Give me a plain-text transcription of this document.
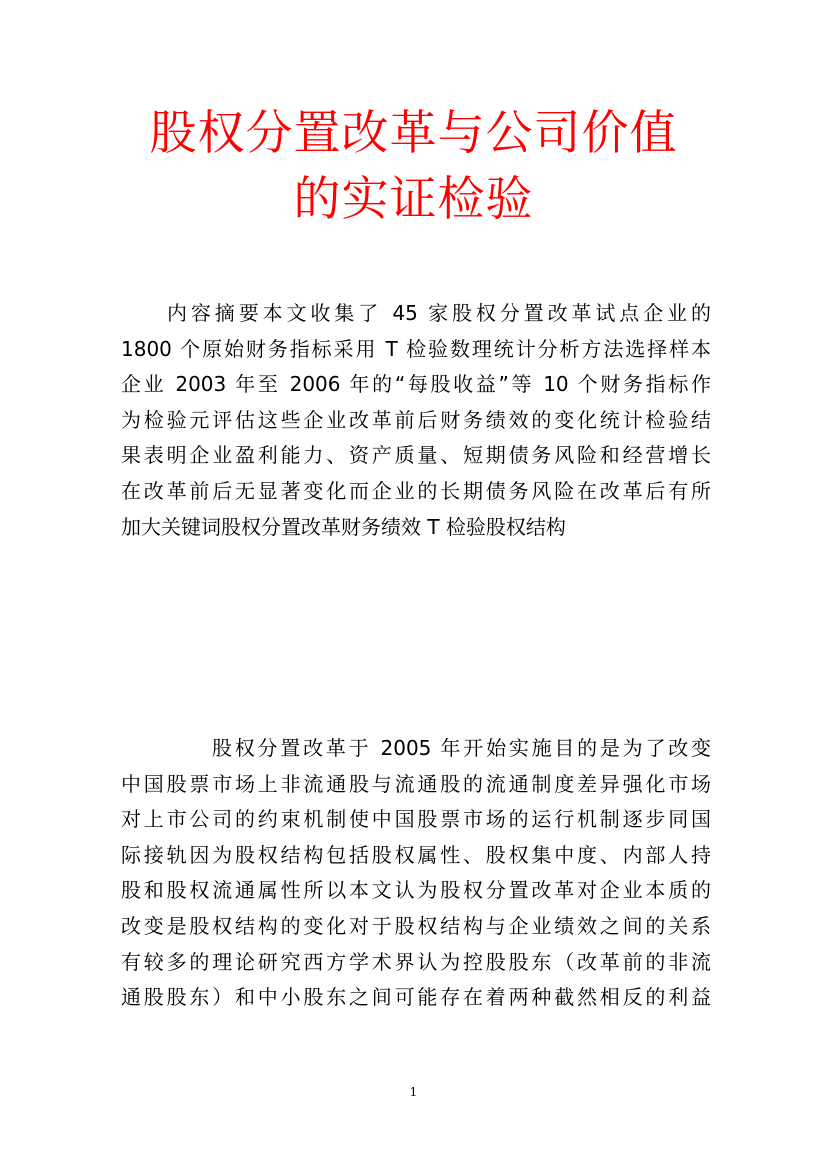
股权分置改革与公司价值
的实证检验
内容摘要本文收集了 45 家股权分置改革试点企业的
1800 个原始财务指标采用 T 检验数理统计分析方法选择样本
企业 2003 年至 2006 年的“每股收益”等 10 个财务指标作
为检验元评估这些企业改革前后财务绩效的变化统计检验结
果表明企业盈利能力、资产质量、短期债务风险和经营增长
在改革前后无显著变化而企业的长期债务风险在改革后有所
加大关键词股权分置改革财务绩效 T 检验股权结构
股权分置改革于 2005 年开始实施目的是为了改变
中国股票市场上非流通股与流通股的流通制度差异强化市场
对上市公司的约束机制使中国股票市场的运行机制逐步同国
际接轨因为股权结构包括股权属性、股权集中度、内部人持
股和股权流通属性所以本文认为股权分置改革对企业本质的
改变是股权结构的变化对于股权结构与企业绩效之间的关系
有较多的理论研究西方学术界认为控股股东（改革前的非流
通股股东）和中小股东之间可能存在着两种截然相反的利益
1
